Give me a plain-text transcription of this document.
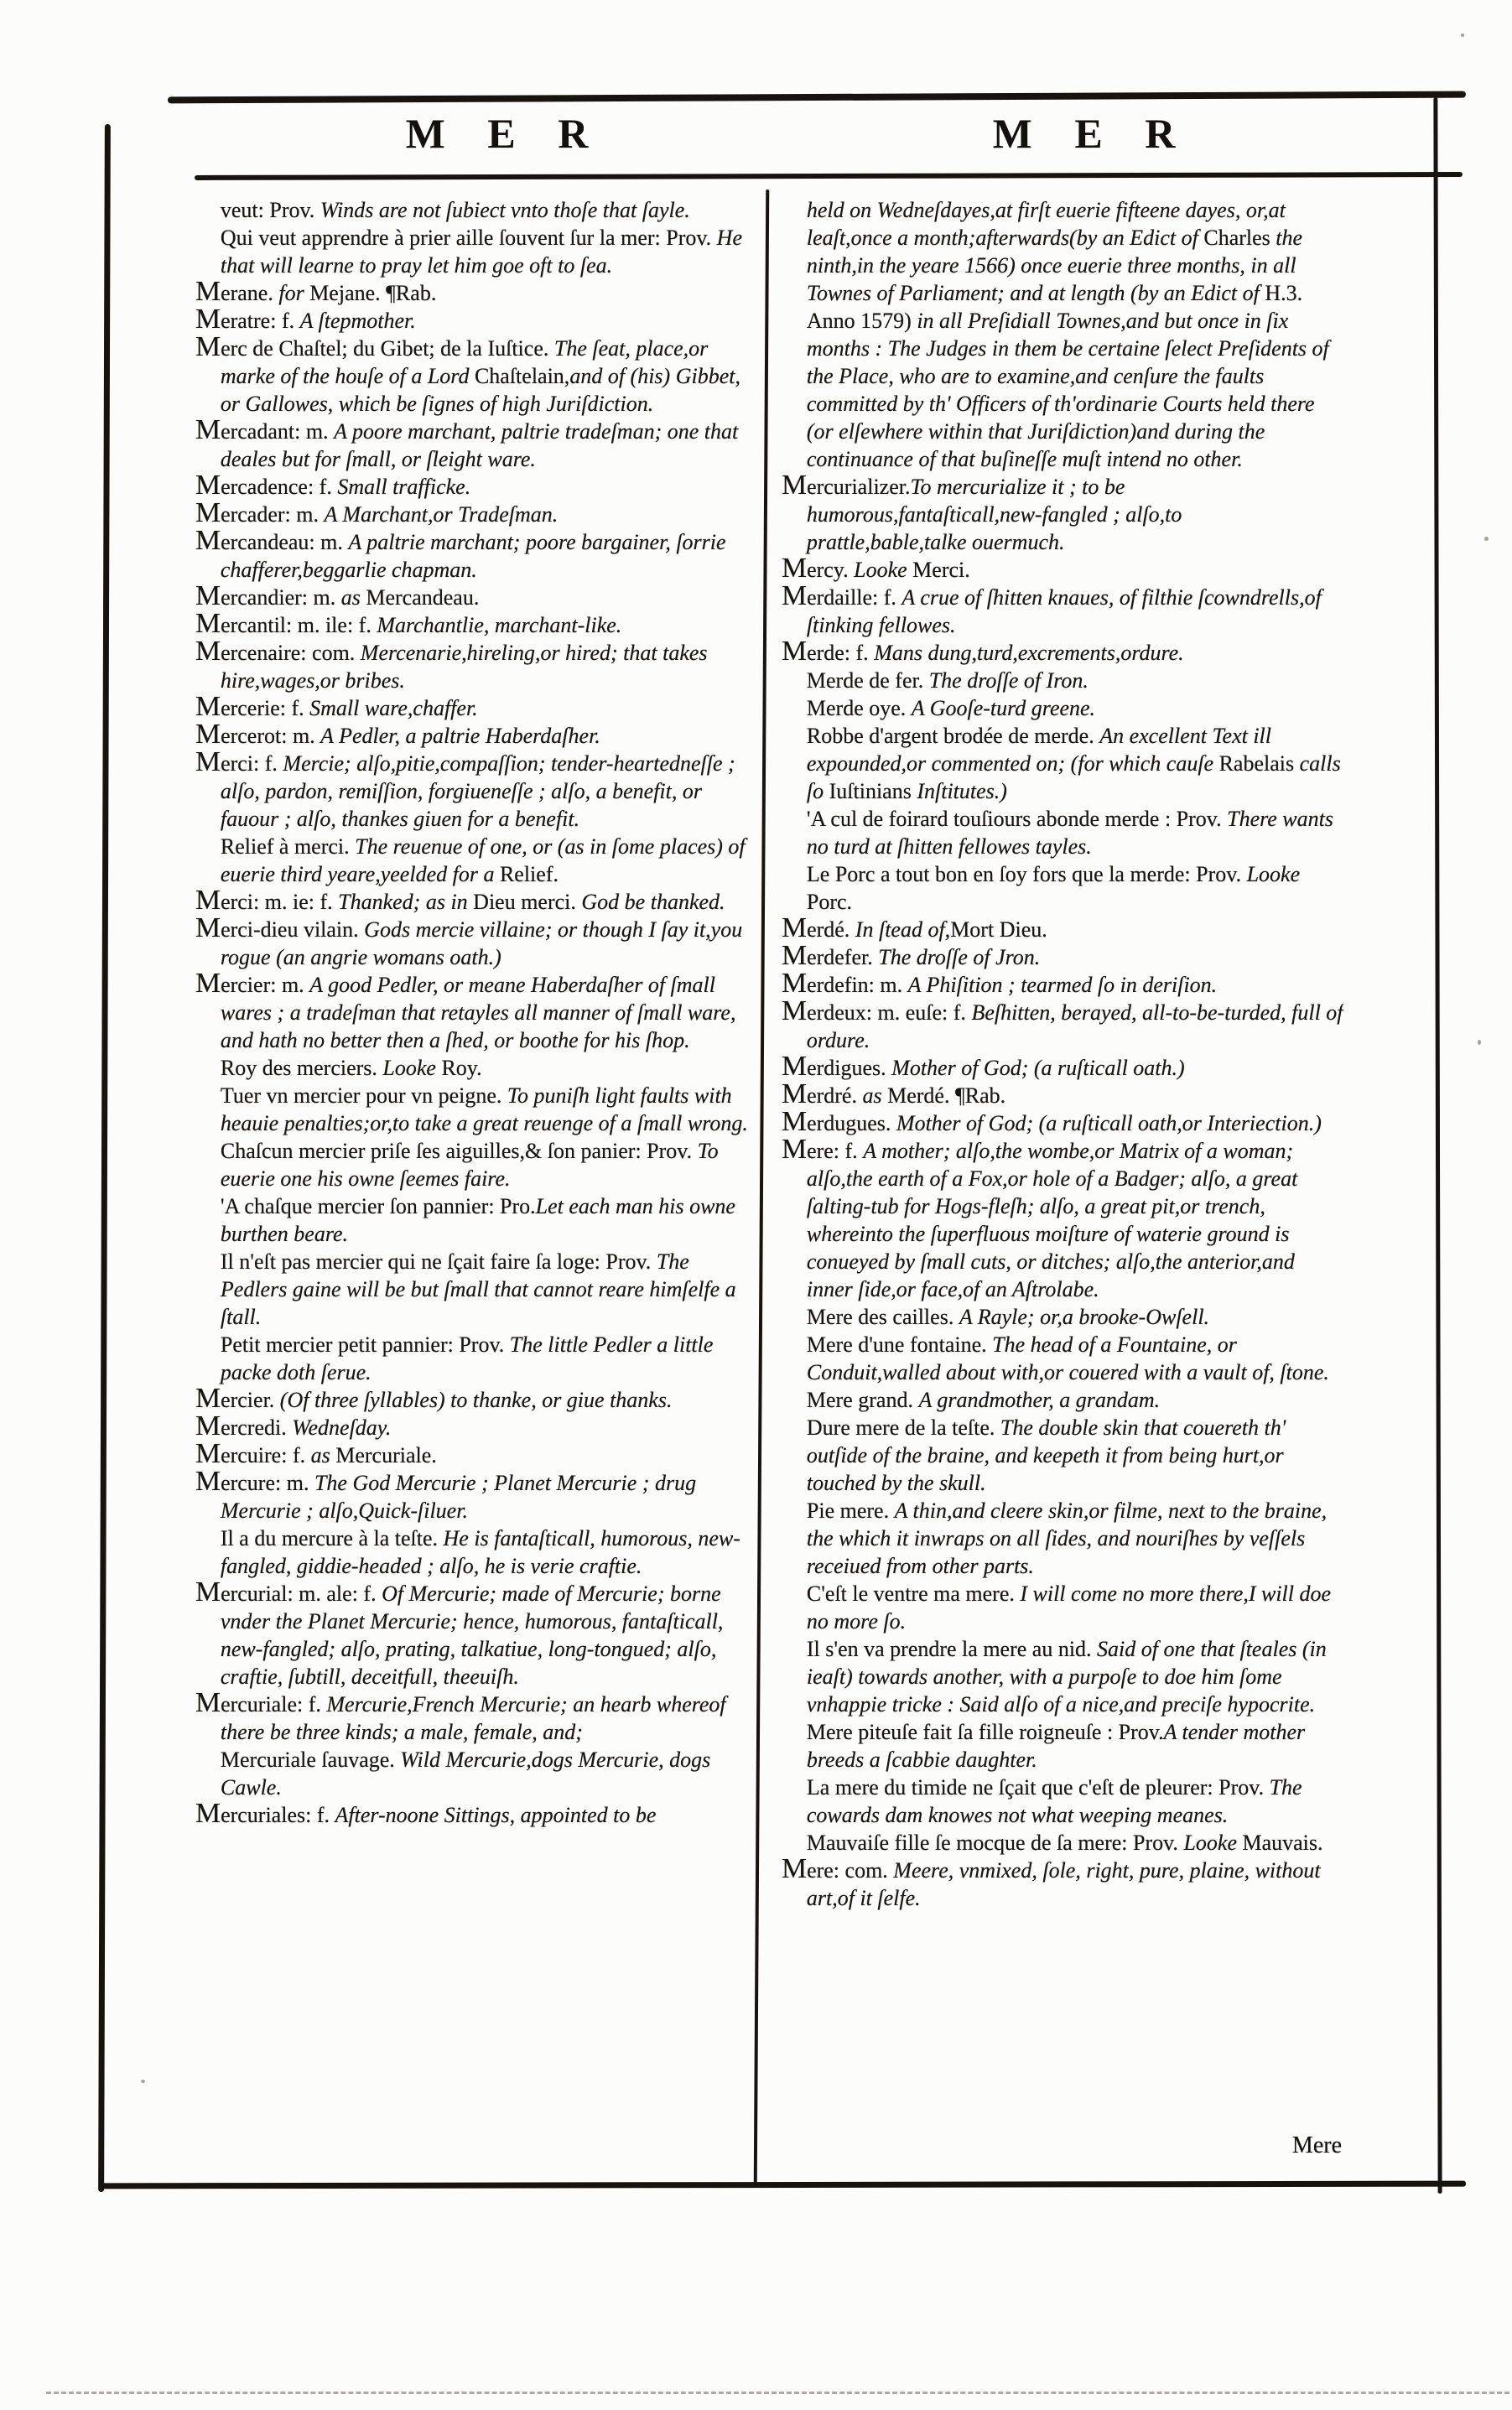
M E R	M E R

veut: Prov. Winds are not ſubiect vnto thoſe that ſayle.

Qui veut apprendre à prier aille ſouvent ſur la mer: Prov. He that will learne to pray let him goe oft to ſea.

Merane. for Mejane. ¶Rab.

Meratre: f. A ſtepmother.

Merc de Chaſtel; du Gibet; de la Iuſtice. The ſeat, place,or marke of the houſe of a Lord Chaſtelain,and of (his) Gibbet, or Gallowes, which be ſignes of high Juriſdiction.

Mercadant: m. A poore marchant, paltrie tradeſman; one that deales but for ſmall, or ſleight ware.

Mercadence: f. Small trafficke.

Mercader: m. A Marchant,or Tradeſman.

Mercandeau: m. A paltrie marchant; poore bargainer, ſorrie chafferer,beggarlie chapman.

Mercandier: m. as Mercandeau.

Mercantil: m. ile: f. Marchantlie, marchant-like.

Mercenaire: com. Mercenarie,hireling,or hired; that takes hire,wages,or bribes.

Mercerie: f. Small ware,chaffer.

Mercerot: m. A Pedler, a paltrie Haberdaſher.

Merci: f. Mercie; alſo,pitie,compaſſion; tender-heartedneſſe ; alſo, pardon, remiſſion, forgiueneſſe ; alſo, a benefit, or fauour ; alſo, thankes giuen for a benefit.

Relief à merci. The reuenue of one, or (as in ſome places) of euerie third yeare,yeelded for a Relief.

Merci: m. ie: f. Thanked; as in Dieu merci. God be thanked.

Merci-dieu vilain. Gods mercie villaine; or though I ſay it,you rogue (an angrie womans oath.)

Mercier: m. A good Pedler, or meane Haberdaſher of ſmall wares ; a tradeſman that retayles all manner of ſmall ware, and hath no better then a ſhed, or boothe for his ſhop.

Roy des merciers. Looke Roy.

Tuer vn mercier pour vn peigne. To puniſh light faults with heauie penalties;or,to take a great reuenge of a ſmall wrong.

Chaſcun mercier priſe ſes aiguilles,& ſon panier: Prov. To euerie one his owne ſeemes faire.

'A chaſque mercier ſon pannier: Pro.Let each man his owne burthen beare.

Il n'eſt pas mercier qui ne ſçait faire ſa loge: Prov. The Pedlers gaine will be but ſmall that cannot reare himſelfe a ſtall.

Petit mercier petit pannier: Prov. The little Pedler a little packe doth ſerue.

Mercier. (Of three ſyllables) to thanke, or giue thanks.

Mercredi. Wedneſday.

Mercuire: f. as Mercuriale.

Mercure: m. The God Mercurie ; Planet Mercurie ; drug Mercurie ; alſo,Quick-ſiluer.

Il a du mercure à la teſte. He is fantaſticall, humorous, new-fangled, giddie-headed ; alſo, he is verie craftie.

Mercurial: m. ale: f. Of Mercurie; made of Mercurie; borne vnder the Planet Mercurie; hence, humorous, fantaſticall, new-fangled; alſo, prating, talkatiue, long-tongued; alſo, craftie, ſubtill, deceitfull, theeuiſh.

Mercuriale: f. Mercurie,French Mercurie; an hearb whereof there be three kinds; a male, female, and;

Mercuriale ſauvage. Wild Mercurie,dogs Mercurie, dogs Cawle.

Mercuriales: f. After-noone Sittings, appointed to be

held on Wedneſdayes,at firſt euerie fifteene dayes, or,at leaſt,once a month;afterwards(by an Edict of Charles the ninth,in the yeare 1566) once euerie three months, in all Townes of Parliament; and at length (by an Edict of H.3. Anno 1579) in all Preſidiall Townes,and but once in ſix months : The Judges in them be certaine ſelect Preſidents of the Place, who are to examine,and cenſure the faults committed by th' Officers of th'ordinarie Courts held there (or elſewhere within that Juriſdiction)and during the continuance of that buſineſſe muſt intend no other.

Mercurializer.To mercurialize it ; to be humorous,fantaſticall,new-fangled ; alſo,to prattle,bable,talke ouermuch.

Mercy. Looke Merci.

Merdaille: f. A crue of ſhitten knaues, of filthie ſcowndrells,of ſtinking fellowes.

Merde: f. Mans dung,turd,excrements,ordure.

Merde de fer. The droſſe of Iron.

Merde oye. A Gooſe-turd greene.

Robbe d'argent brodée de merde. An excellent Text ill expounded,or commented on; (for which cauſe Rabelais calls ſo Iuſtinians Inſtitutes.)

'A cul de foirard touſiours abonde merde : Prov. There wants no turd at ſhitten fellowes tayles.

Le Porc a tout bon en ſoy fors que la merde: Prov. Looke Porc.

Merdé. In ſtead of,Mort Dieu.

Merdefer. The droſſe of Jron.

Merdefin: m. A Phiſition ; tearmed ſo in deriſion.

Merdeux: m. euſe: f. Beſhitten, berayed, all-to-be-turded, full of ordure.

Merdigues. Mother of God; (a ruſticall oath.)

Merdré. as Merdé. ¶Rab.

Merdugues. Mother of God; (a ruſticall oath,or Interiection.)

Mere: f. A mother; alſo,the wombe,or Matrix of a woman; alſo,the earth of a Fox,or hole of a Badger; alſo, a great ſalting-tub for Hogs-fleſh; alſo, a great pit,or trench, whereinto the ſuperfluous moiſture of waterie ground is conueyed by ſmall cuts, or ditches; alſo,the anterior,and inner ſide,or face,of an Aſtrolabe.

Mere des cailles. A Rayle; or,a brooke-Owſell.

Mere d'une fontaine. The head of a Fountaine, or Conduit,walled about with,or couered with a vault of, ſtone.

Mere grand. A grandmother, a grandam.

Dure mere de la teſte. The double skin that couereth th' outſide of the braine, and keepeth it from being hurt,or touched by the skull.

Pie mere. A thin,and cleere skin,or filme, next to the braine, the which it inwraps on all ſides, and nouriſhes by veſſels receiued from other parts.

C'eſt le ventre ma mere. I will come no more there,I will doe no more ſo.

Il s'en va prendre la mere au nid. Said of one that ſteales (in ieaſt) towards another, with a purpoſe to doe him ſome vnhappie tricke : Said alſo of a nice,and preciſe hypocrite.

Mere piteuſe fait ſa fille roigneuſe : Prov.A tender mother breeds a ſcabbie daughter.

La mere du timide ne ſçait que c'eſt de pleurer: Prov. The cowards dam knowes not what weeping meanes.

Mauvaiſe fille ſe mocque de ſa mere: Prov. Looke Mauvais.

Mere: com. Meere, vnmixed, ſole, right, pure, plaine, without art,of it ſelfe.

Mere
